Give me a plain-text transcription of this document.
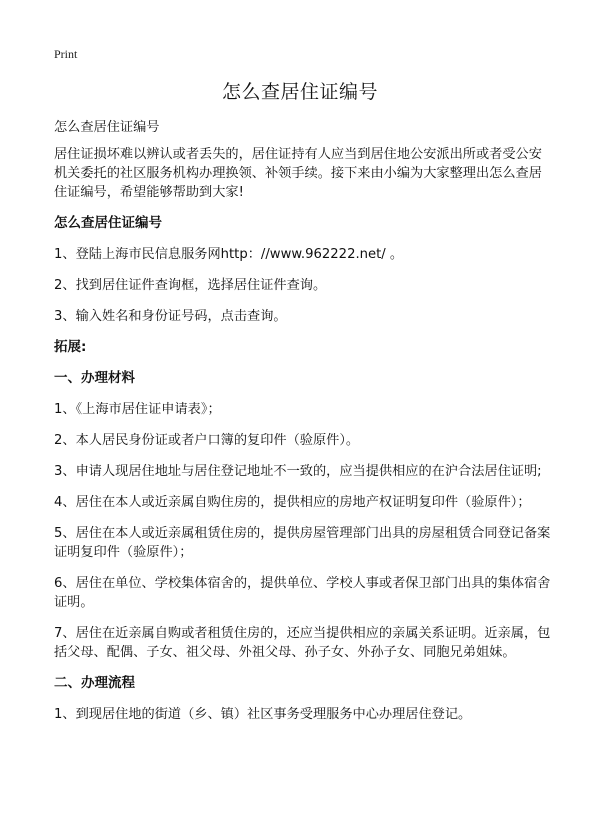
Print
怎么查居住证编号

怎么查居住证编号

居住证损坏难以辨认或者丢失的，居住证持有人应当到居住地公安派出所或者受公安机关委托的社区服务机构办理换领、补领手续。接下来由小编为大家整理出怎么查居住证编号，希望能够帮助到大家!

怎么查居住证编号

1、登陆上海市民信息服务网http：//www.962222.net/ 。

2、找到居住证件查询框，选择居住证件查询。

3、输入姓名和身份证号码，点击查询。

拓展:

一、办理材料

1、《上海市居住证申请表》；

2、本人居民身份证或者户口簿的复印件（验原件）。

3、申请人现居住地址与居住登记地址不一致的，应当提供相应的在沪合法居住证明;

4、居住在本人或近亲属自购住房的，提供相应的房地产权证明复印件（验原件）；

5、居住在本人或近亲属租赁住房的，提供房屋管理部门出具的房屋租赁合同登记备案证明复印件（验原件）；

6、居住在单位、学校集体宿舍的，提供单位、学校人事或者保卫部门出具的集体宿舍证明。

7、居住在近亲属自购或者租赁住房的，还应当提供相应的亲属关系证明。近亲属，包括父母、配偶、子女、祖父母、外祖父母、孙子女、外孙子女、同胞兄弟姐妹。

二、办理流程

1、到现居住地的街道（乡、镇）社区事务受理服务中心办理居住登记。
